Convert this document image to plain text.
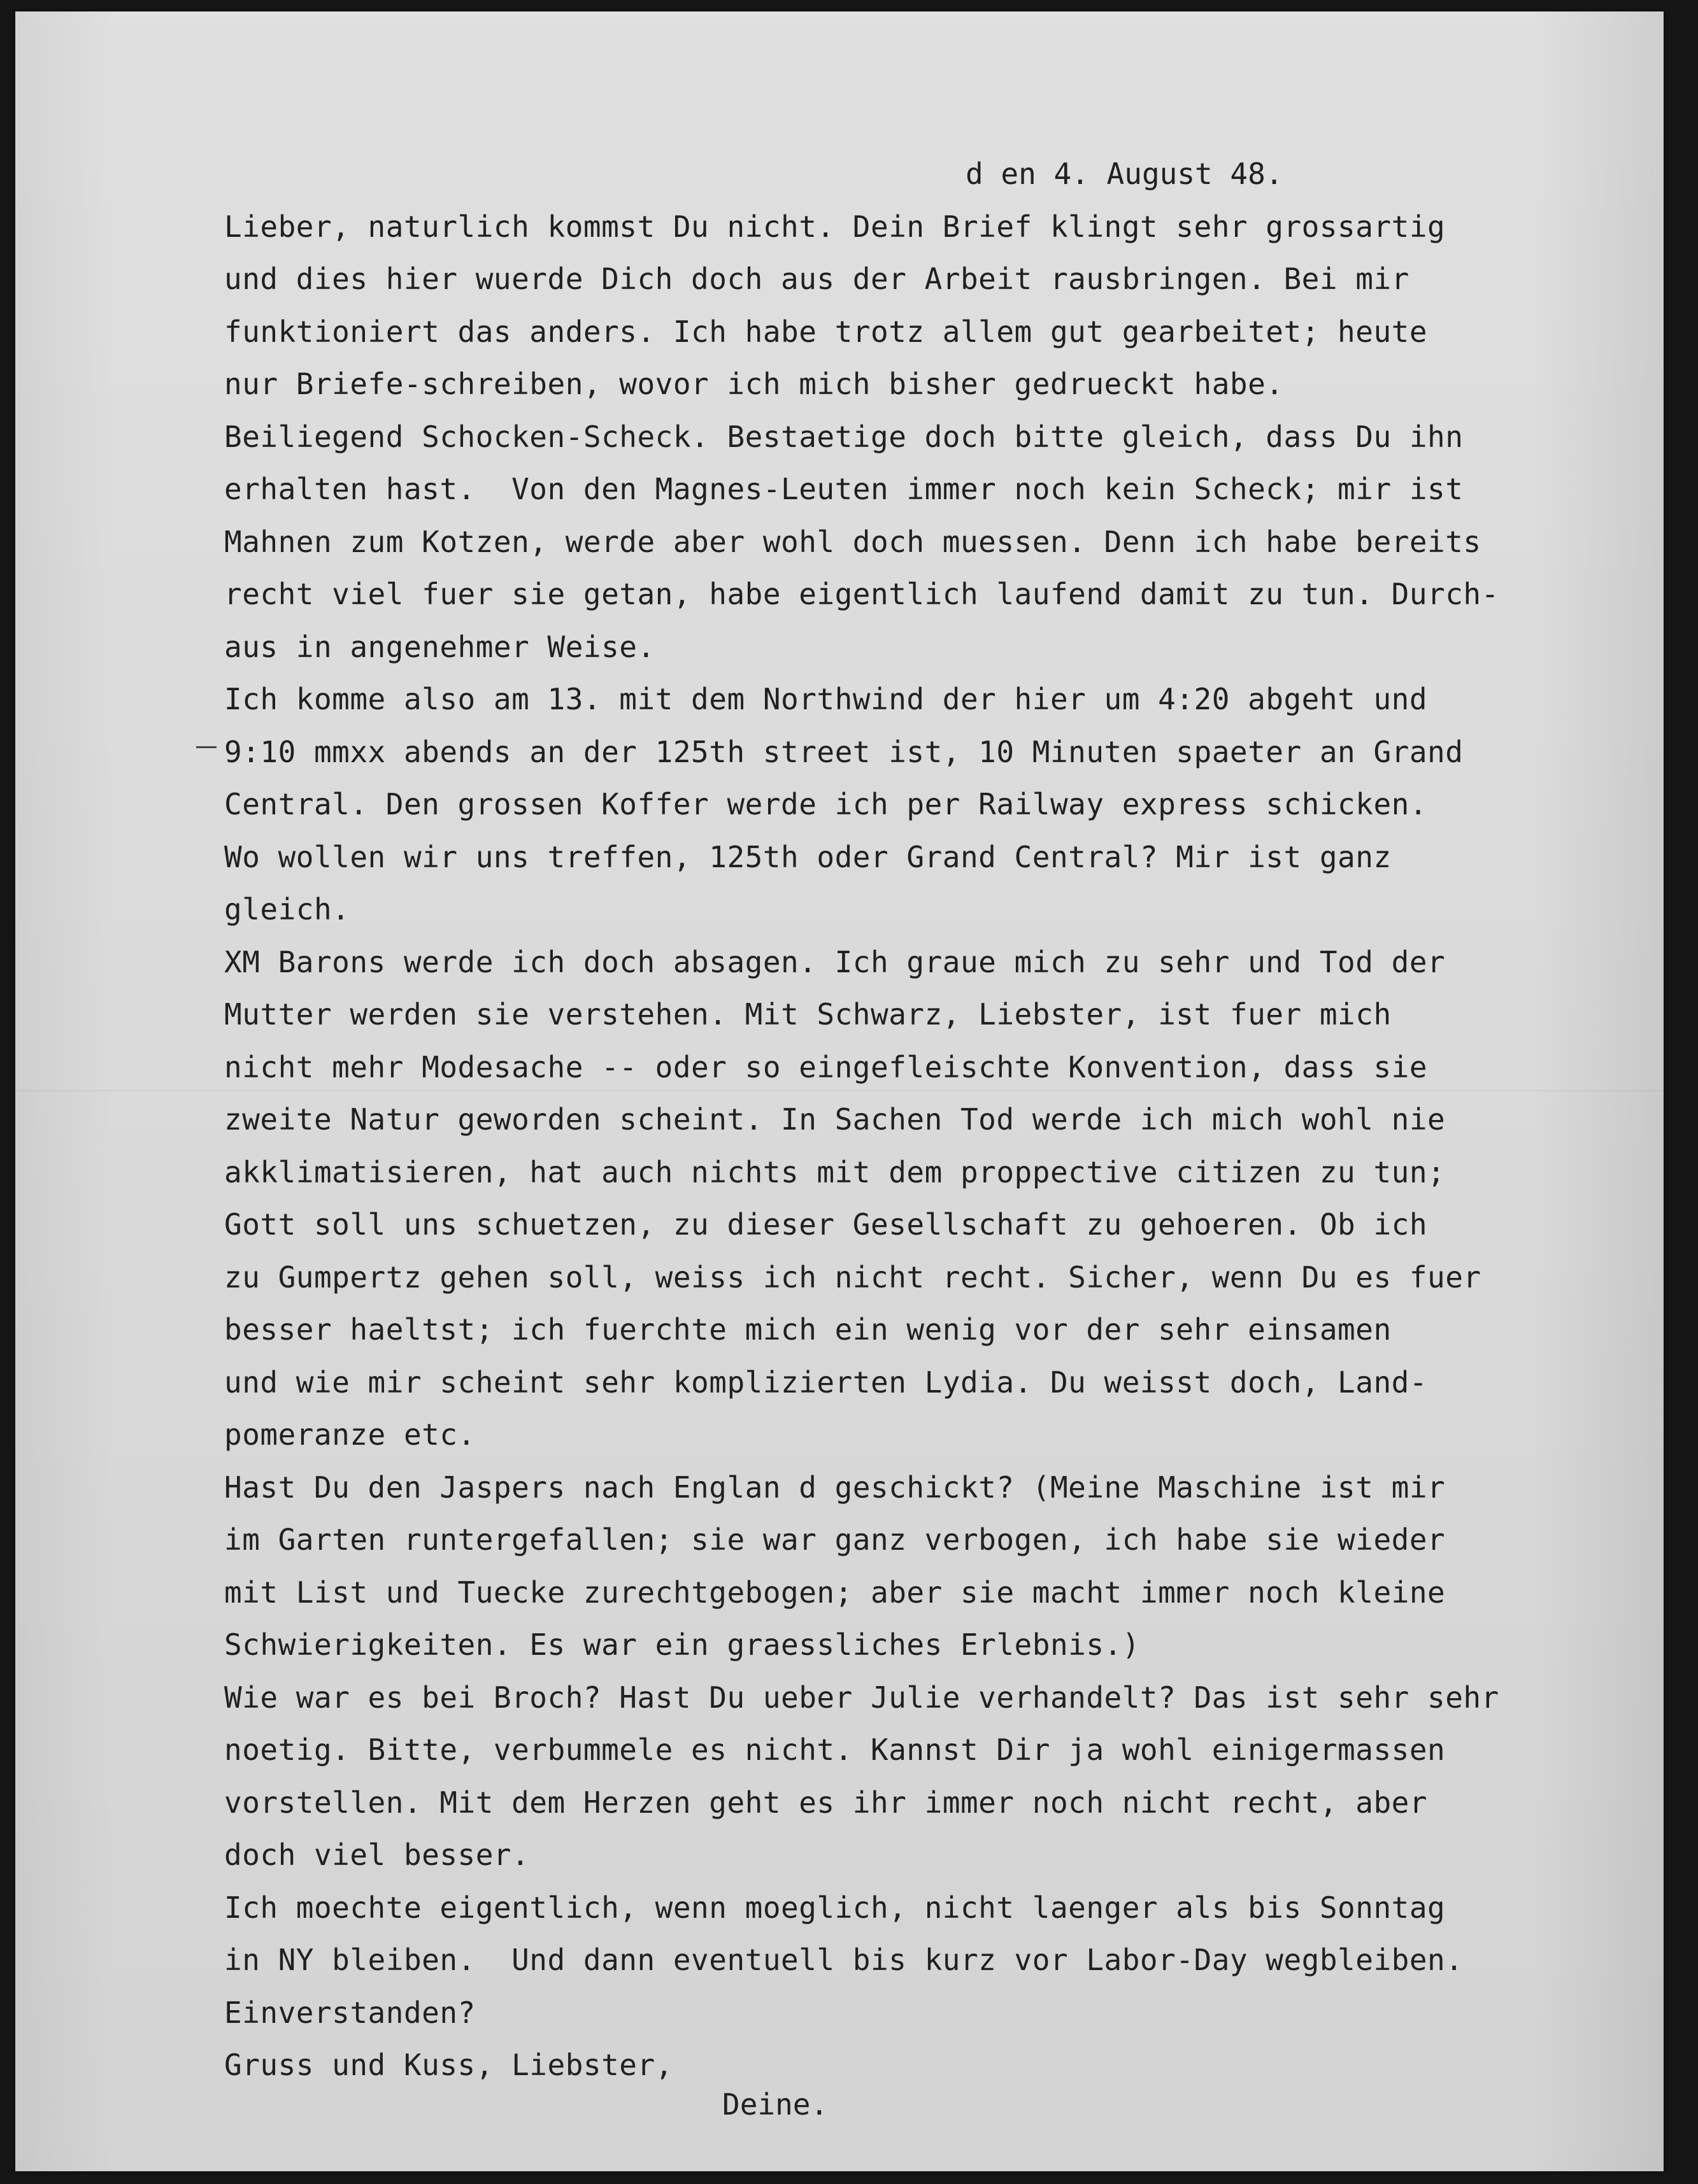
d en 4. August 48.
Lieber, naturlich kommst Du nicht. Dein Brief klingt sehr grossartig
und dies hier wuerde Dich doch aus der Arbeit rausbringen. Bei mir
funktioniert das anders. Ich habe trotz allem gut gearbeitet; heute
nur Briefe-schreiben, wovor ich mich bisher gedrueckt habe.
Beiliegend Schocken-Scheck. Bestaetige doch bitte gleich, dass Du ihn
erhalten hast.  Von den Magnes-Leuten immer noch kein Scheck; mir ist
Mahnen zum Kotzen, werde aber wohl doch muessen. Denn ich habe bereits
recht viel fuer sie getan, habe eigentlich laufend damit zu tun. Durch-
aus in angenehmer Weise.
Ich komme also am 13. mit dem Northwind der hier um 4:20 abgeht und
9:10 mmxx abends an der 125th street ist, 10 Minuten spaeter an Grand
Central. Den grossen Koffer werde ich per Railway express schicken.
Wo wollen wir uns treffen, 125th oder Grand Central? Mir ist ganz
gleich.
XM Barons werde ich doch absagen. Ich graue mich zu sehr und Tod der
Mutter werden sie verstehen. Mit Schwarz, Liebster, ist fuer mich
nicht mehr Modesache -- oder so eingefleischte Konvention, dass sie
zweite Natur geworden scheint. In Sachen Tod werde ich mich wohl nie
akklimatisieren, hat auch nichts mit dem proppective citizen zu tun;
Gott soll uns schuetzen, zu dieser Gesellschaft zu gehoeren. Ob ich
zu Gumpertz gehen soll, weiss ich nicht recht. Sicher, wenn Du es fuer
besser haeltst; ich fuerchte mich ein wenig vor der sehr einsamen
und wie mir scheint sehr komplizierten Lydia. Du weisst doch, Land-
pomeranze etc.
Hast Du den Jaspers nach Englan d geschickt? (Meine Maschine ist mir
im Garten runtergefallen; sie war ganz verbogen, ich habe sie wieder
mit List und Tuecke zurechtgebogen; aber sie macht immer noch kleine
Schwierigkeiten. Es war ein graessliches Erlebnis.)
Wie war es bei Broch? Hast Du ueber Julie verhandelt? Das ist sehr sehr
noetig. Bitte, verbummele es nicht. Kannst Dir ja wohl einigermassen
vorstellen. Mit dem Herzen geht es ihr immer noch nicht recht, aber
doch viel besser.
Ich moechte eigentlich, wenn moeglich, nicht laenger als bis Sonntag
in NY bleiben.  Und dann eventuell bis kurz vor Labor-Day wegbleiben.
Einverstanden?
Gruss und Kuss, Liebster,
Deine.
